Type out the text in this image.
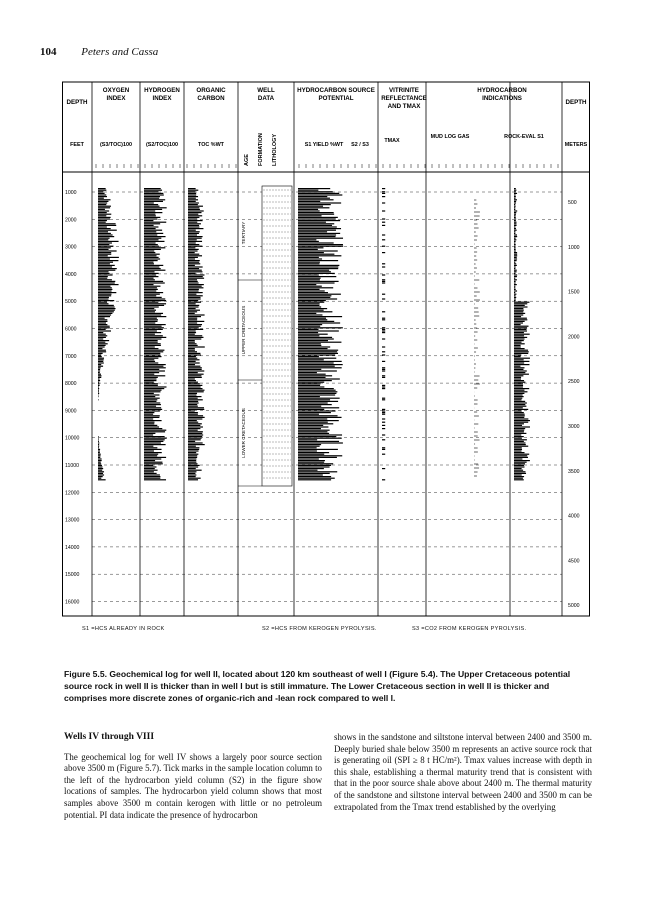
104 Peters and Cassa
DEPTH
FEET
OXYGEN
INDEX
(S3/TOC)100
HYDROGEN
INDEX
(S2/TOC)100
ORGANIC
CARBON
TOC %WT
WELL
DATA
AGE FORMATION LITHOLOGY
HYDROCARBON SOURCE
POTENTIAL
S1 YIELD %WT S2 / S3
VITRINITE
REFLECTANCE
AND TMAX
TMAX
HYDROCARBON
INDICATIONS
MUD LOG GAS	ROCK-EVAL S1
DEPTH
METERS
1000
2000
3000
4000
5000
6000
7000
8000
9000
10000
11000
12000
13000
14000
15000
16000
500
1000
1500
2000
2500
3000
3500
4000
4500
5000
TERTIARY
UPPER CRETACEOUS
LOWER CRETACEOUS
S1 =HCS ALREADY IN ROCK	S2 =HCS FROM KEROGEN PYROLYSIS.	S3 =CO2 FROM KEROGEN PYROLYSIS.
Figure 5.5. Geochemical log for well II, located about 120 km southeast of well I (Figure 5.4). The Upper Cretaceous potential source rock in well II is thicker than in well I but is still immature. The Lower Cretaceous section in well II is thicker and comprises more discrete zones of organic-rich and -lean rock compared to well I.
Wells IV through VIII

The geochemical log for well IV shows a largely poor source section above 3500 m (Figure 5.7). Tick marks in the sample location column to the left of the hydrocarbon yield column (S2) in the figure show locations of samples. The hydrocarbon yield column shows that most samples above 3500 m contain kerogen with little or no petroleum potential. PI data indicate the presence of hydrocarbon

shows in the sandstone and siltstone interval between 2400 and 3500 m. Deeply buried shale below 3500 m represents an active source rock that is generating oil (SPI ≥ 8 t HC/m²). Tmax values increase with depth in this shale, establishing a thermal maturity trend that is consistent with that in the poor source shale above about 2400 m. The thermal maturity of the sandstone and siltstone interval between 2400 and 3500 m can be extrapolated from the Tmax trend established by the overlying
